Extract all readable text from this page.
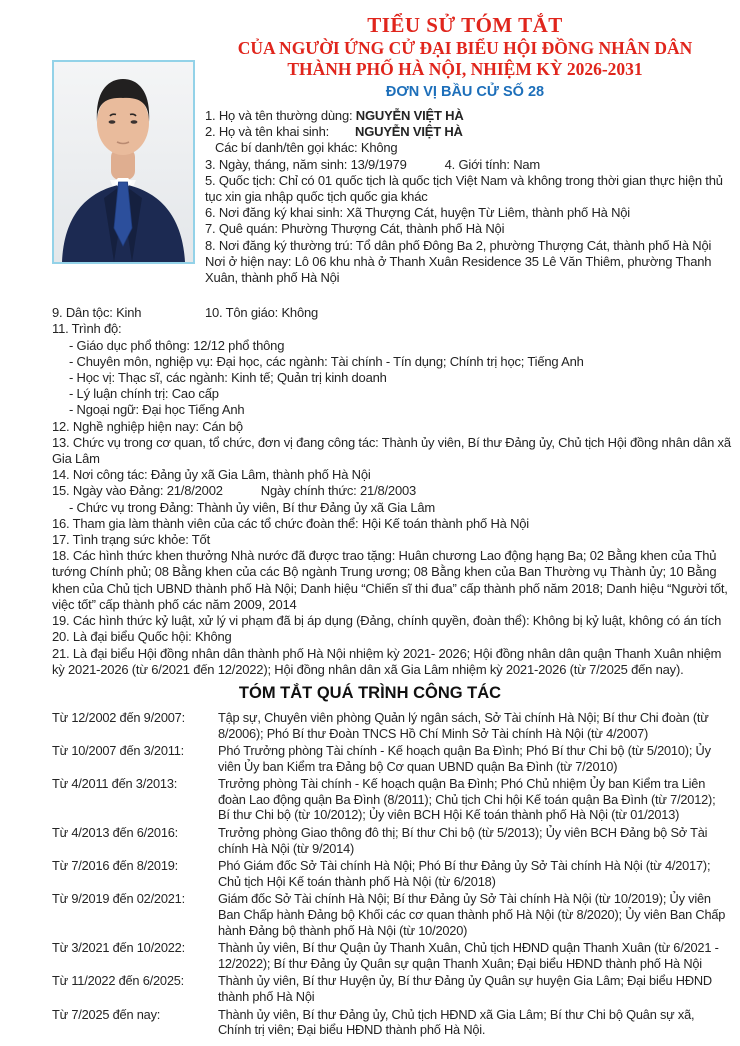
TIỂU SỬ TÓM TẮT
CỦA NGƯỜI ỨNG CỬ ĐẠI BIỂU HỘI ĐỒNG NHÂN DÂN
THÀNH PHỐ HÀ NỘI, NHIỆM KỲ 2026-2031
ĐƠN VỊ BẦU CỬ SỐ 28

1. Họ và tên thường dùng: NGUYỄN VIỆT HÀ

2. Họ và tên khai sinh: NGUYỄN VIỆT HÀ

Các bí danh/tên gọi khác: Không

3. Ngày, tháng, năm sinh: 13/9/1979	4. Giới tính: Nam

5. Quốc tịch: Chỉ có 01 quốc tịch là quốc tịch Việt Nam và không trong thời gian thực hiện thủ tục xin gia nhập quốc tịch quốc gia khác

6. Nơi đăng ký khai sinh: Xã Thượng Cát, huyện Từ Liêm, thành phố Hà Nội

7. Quê quán: Phường Thượng Cát, thành phố Hà Nội

8. Nơi đăng ký thường trú: Tổ dân phố Đông Ba 2, phường Thượng Cát, thành phố Hà Nội

Nơi ở hiện nay: Lô 06 khu nhà ở Thanh Xuân Residence 35 Lê Văn Thiêm, phường Thanh Xuân, thành phố Hà Nội

9. Dân tộc: Kinh	10. Tôn giáo: Không

11. Trình độ:

- Giáo dục phổ thông: 12/12 phổ thông

- Chuyên môn, nghiệp vụ: Đại học, các ngành: Tài chính - Tín dụng; Chính trị học; Tiếng Anh

- Học vị: Thạc sĩ, các ngành: Kinh tế; Quản trị kinh doanh

- Lý luận chính trị: Cao cấp

- Ngoại ngữ: Đại học Tiếng Anh

12. Nghề nghiệp hiện nay: Cán bộ

13. Chức vụ trong cơ quan, tổ chức, đơn vị đang công tác: Thành ủy viên, Bí thư Đảng ủy, Chủ tịch Hội đồng nhân dân xã Gia Lâm

14. Nơi công tác: Đảng ủy xã Gia Lâm, thành phố Hà Nội

15. Ngày vào Đảng: 21/8/2002	Ngày chính thức: 21/8/2003

- Chức vụ trong Đảng: Thành ủy viên, Bí thư Đảng ủy xã Gia Lâm

16. Tham gia làm thành viên của các tổ chức đoàn thể: Hội Kế toán thành phố Hà Nội

17. Tình trạng sức khỏe: Tốt

18. Các hình thức khen thưởng Nhà nước đã được trao tặng: Huân chương Lao động hạng Ba; 02 Bằng khen của Thủ tướng Chính phủ; 08 Bằng khen của các Bộ ngành Trung ương; 08 Bằng khen của Ban Thường vụ Thành ủy; 10 Bằng khen của Chủ tịch UBND thành phố Hà Nội; Danh hiệu “Chiến sĩ thi đua” cấp thành phố năm 2018; Danh hiệu “Người tốt, việc tốt” cấp thành phố các năm 2009, 2014

19. Các hình thức kỷ luật, xử lý vi phạm đã bị áp dụng (Đảng, chính quyền, đoàn thể): Không bị kỷ luật, không có án tích

20. Là đại biểu Quốc hội: Không

21. Là đại biểu Hội đồng nhân dân thành phố Hà Nội nhiệm kỳ 2021- 2026; Hội đồng nhân dân quận Thanh Xuân nhiệm kỳ 2021-2026 (từ 6/2021 đến 12/2022); Hội đồng nhân dân xã Gia Lâm nhiệm kỳ 2021-2026 (từ 7/2025 đến nay).

TÓM TẮT QUÁ TRÌNH CÔNG TÁC
Từ 12/2002 đến 9/2007:	Tập sự, Chuyên viên phòng Quản lý ngân sách, Sở Tài chính Hà Nội; Bí thư Chi đoàn (từ 8/2006); Phó Bí thư Đoàn TNCS Hồ Chí Minh Sở Tài chính Hà Nội (từ 4/2007)
Từ 10/2007 đến 3/2011:	Phó Trưởng phòng Tài chính - Kế hoạch quận Ba Đình; Phó Bí thư Chi bộ (từ 5/2010); Ủy viên Ủy ban Kiểm tra Đảng bộ Cơ quan UBND quận Ba Đình (từ 7/2010)
Từ 4/2011 đến 3/2013:	Trưởng phòng Tài chính - Kế hoạch quận Ba Đình; Phó Chủ nhiệm Ủy ban Kiểm tra Liên đoàn Lao động quận Ba Đình (8/2011); Chủ tịch Chi hội Kế toán quận Ba Đình (từ 7/2012); Bí thư Chi bộ (từ 10/2012); Ủy viên BCH Hội Kế toán thành phố Hà Nội (từ 01/2013)
Từ 4/2013 đến 6/2016:	Trưởng phòng Giao thông đô thị; Bí thư Chi bộ (từ 5/2013); Ủy viên BCH Đảng bộ Sở Tài chính Hà Nội (từ 9/2014)
Từ 7/2016 đến 8/2019:	Phó Giám đốc Sở Tài chính Hà Nội; Phó Bí thư Đảng ủy Sở Tài chính Hà Nội (từ 4/2017); Chủ tịch Hội Kế toán thành phố Hà Nội (từ 6/2018)
Từ 9/2019 đến 02/2021:	Giám đốc Sở Tài chính Hà Nội; Bí thư Đảng ủy Sở Tài chính Hà Nội (từ 10/2019); Ủy viên Ban Chấp hành Đảng bộ Khối các cơ quan thành phố Hà Nội (từ 8/2020); Ủy viên Ban Chấp hành Đảng bộ thành phố Hà Nội (từ 10/2020)
Từ 3/2021 đến 10/2022:	Thành ủy viên, Bí thư Quận ủy Thanh Xuân, Chủ tịch HĐND quận Thanh Xuân (từ 6/2021 - 12/2022); Bí thư Đảng ủy Quân sự quận Thanh Xuân; Đại biểu HĐND thành phố Hà Nội
Từ 11/2022 đến 6/2025:	Thành ủy viên, Bí thư Huyện ủy, Bí thư Đảng ủy Quân sự huyện Gia Lâm; Đại biểu HĐND thành phố Hà Nội
Từ 7/2025 đến nay:	Thành ủy viên, Bí thư Đảng ủy, Chủ tịch HĐND xã Gia Lâm; Bí thư Chi bộ Quân sự xã, Chính trị viên; Đại biểu HĐND thành phố Hà Nội.
